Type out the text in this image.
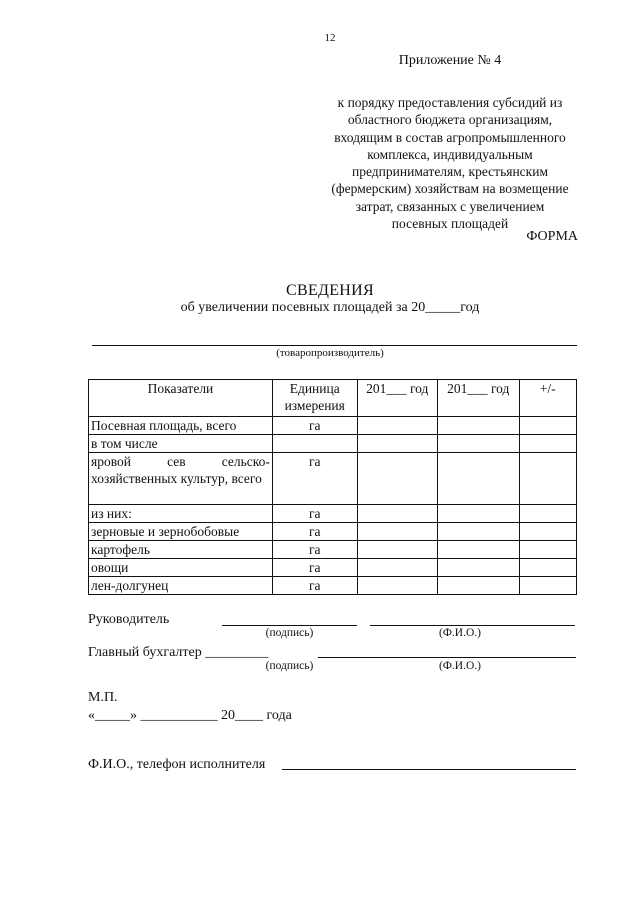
12
Приложение № 4
к порядку предоставления субсидий из
областного бюджета организациям,
входящим в состав агропромышленного
комплекса, индивидуальным
предпринимателям, крестьянским
(фермерским) хозяйствам на возмещение
затрат, связанных с увеличением
посевных площадей
ФОРМА
СВЕДЕНИЯ
об увеличении посевных площадей за 20_____год
(товаропроизводитель)
Показатели	Единица измерения	201___ год	201___ год	+/-
Посевная площадь, всего	га			
в том числе				
яровой сев сельско-хозяйственных культур, всего	га			
из них:	га			
зерновые и зернобобовые	га			
картофель	га			
овощи	га			
лен-долгунец	га			
Руководитель
(подпись)	(Ф.И.О.)
Главный бухгалтер _________
(подпись)	(Ф.И.О.)
М.П.
«_____» ___________ 20____ года
Ф.И.О., телефон исполнителя
